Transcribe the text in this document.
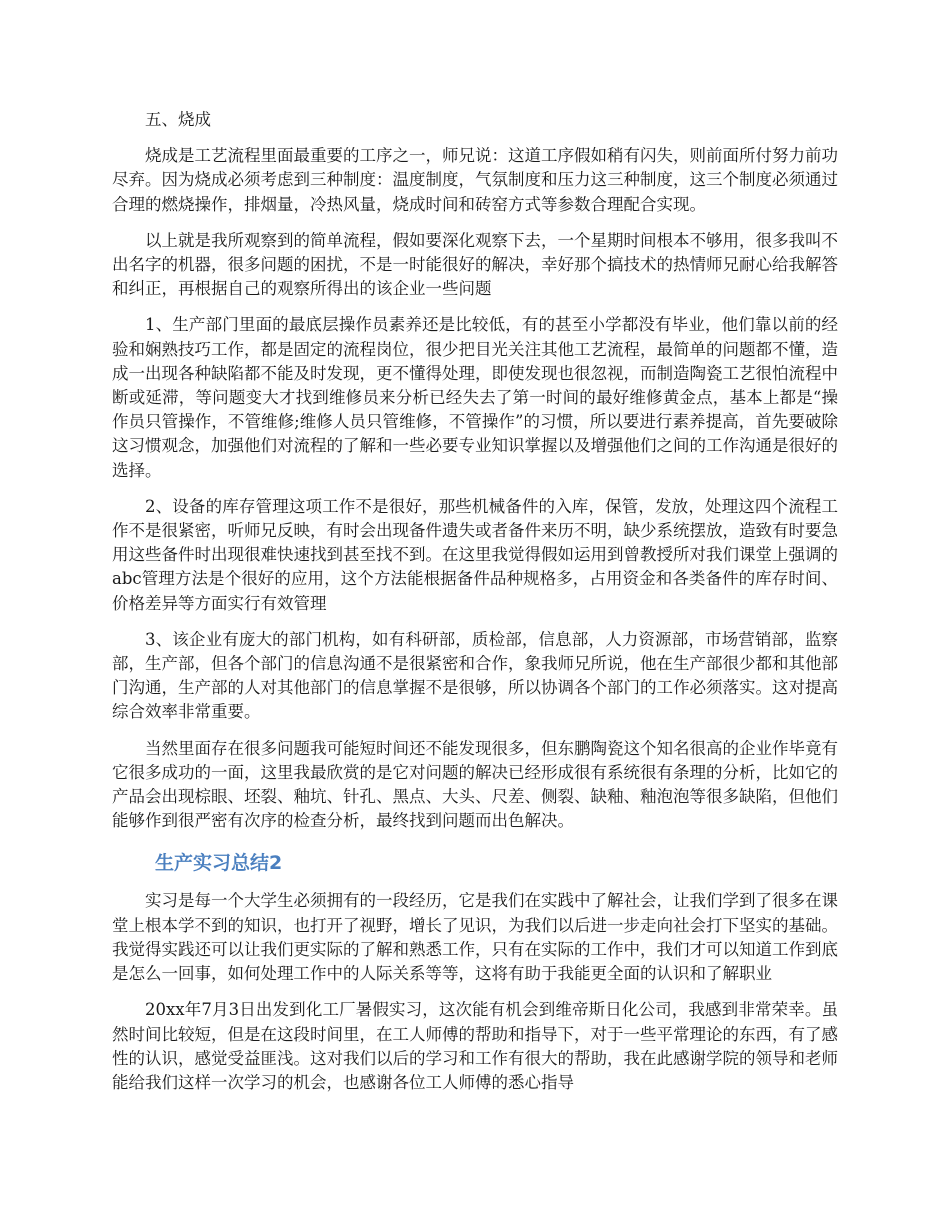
五、烧成

烧成是工艺流程里面最重要的工序之一，师兄说：这道工序假如稍有闪失，则前面所付努力前功尽弃。因为烧成必须考虑到三种制度：温度制度，气氛制度和压力这三种制度，这三个制度必须通过合理的燃烧操作，排烟量，冷热风量，烧成时间和砖窑方式等参数合理配合实现。

以上就是我所观察到的简单流程，假如要深化观察下去，一个星期时间根本不够用，很多我叫不出名字的机器，很多问题的困扰，不是一时能很好的解决，幸好那个搞技术的热情师兄耐心给我解答和纠正，再根据自己的观察所得出的该企业一些问题

1、生产部门里面的最底层操作员素养还是比较低，有的甚至小学都没有毕业，他们靠以前的经验和娴熟技巧工作，都是固定的流程岗位，很少把目光关注其他工艺流程，最简单的问题都不懂，造成一出现各种缺陷都不能及时发现，更不懂得处理，即使发现也很忽视，而制造陶瓷工艺很怕流程中断或延滞，等问题变大才找到维修员来分析已经失去了第一时间的最好维修黄金点，基本上都是“操作员只管操作，不管维修;维修人员只管维修，不管操作”的习惯，所以要进行素养提高，首先要破除这习惯观念，加强他们对流程的了解和一些必要专业知识掌握以及增强他们之间的工作沟通是很好的选择。

2、设备的库存管理这项工作不是很好，那些机械备件的入库，保管，发放，处理这四个流程工作不是很紧密，听师兄反映，有时会出现备件遗失或者备件来历不明，缺少系统摆放，造致有时要急用这些备件时出现很难快速找到甚至找不到。在这里我觉得假如运用到曾教授所对我们课堂上强调的abc管理方法是个很好的应用，这个方法能根据备件品种规格多，占用资金和各类备件的库存时间、价格差异等方面实行有效管理

3、该企业有庞大的部门机构，如有科研部，质检部，信息部，人力资源部，市场营销部，监察部，生产部，但各个部门的信息沟通不是很紧密和合作，象我师兄所说，他在生产部很少都和其他部门沟通，生产部的人对其他部门的信息掌握不是很够，所以协调各个部门的工作必须落实。这对提高综合效率非常重要。

当然里面存在很多问题我可能短时间还不能发现很多，但东鹏陶瓷这个知名很高的企业作毕竟有它很多成功的一面，这里我最欣赏的是它对问题的解决已经形成很有系统很有条理的分析，比如它的产品会出现棕眼、坯裂、釉坑、针孔、黑点、大头、尺差、侧裂、缺釉、釉泡泡等很多缺陷，但他们能够作到很严密有次序的检查分析，最终找到问题而出色解决。

生产实习总结2

实习是每一个大学生必须拥有的一段经历，它是我们在实践中了解社会，让我们学到了很多在课堂上根本学不到的知识，也打开了视野，增长了见识，为我们以后进一步走向社会打下坚实的基础。我觉得实践还可以让我们更实际的了解和熟悉工作，只有在实际的工作中，我们才可以知道工作到底是怎么一回事，如何处理工作中的人际关系等等，这将有助于我能更全面的认识和了解职业

20xx年7月3日出发到化工厂暑假实习，这次能有机会到维帝斯日化公司，我感到非常荣幸。虽然时间比较短，但是在这段时间里，在工人师傅的帮助和指导下，对于一些平常理论的东西，有了感性的认识，感觉受益匪浅。这对我们以后的学习和工作有很大的帮助，我在此感谢学院的领导和老师能给我们这样一次学习的机会，也感谢各位工人师傅的悉心指导
